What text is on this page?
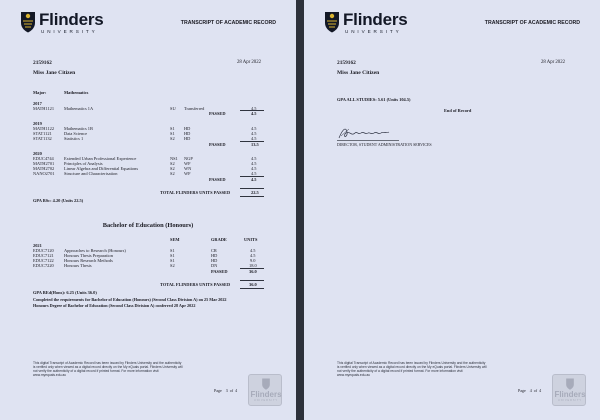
Flinders
UNIVERSITY
TRANSCRIPT OF ACADEMIC RECORD
2159162	28 Apr 2022
Miss Jane Citizen
Major:	Mathematics
2017
MATH1121 Mathematics 1A	SU Transferred	4.5
PASSED	4.5
2019
MATH1122 Mathematics 1B	S1 HD	4.5
STAT1121	Data Science	S1 HD	4.5
STAT1132	Statistics 1	S2 HD	4.5
PASSED	13.5
2020
EDUC4744 Extended Urban Professional Experience	NS1 NGP	4.5
MATH2701 Principles of Analysis	S2 WF	4.5
MATH2702 Linear Algebra and Differential Equations	S2 WN	4.5
NANO2701 Structure and Characterisation	S2 WF	4.5
PASSED	4.5
TOTAL FLINDERS UNITS PASSED	22.5
GPA BSc: 4.20 (Units 22.5)
Bachelor of Education (Honours)
SEM	GRADE	UNITS
2021
EDUC7120 Approaches to Research (Honours)	S1	CR	4.5
EDUC7121 Honours Thesis Preparation	S1	HD	4.5
EDUC7122 Honours Research Methods	S1	HD	9.0
EDUC7220 Honours Thesis	S2	DN	18.0
PASSED	36.0
TOTAL FLINDERS UNITS PASSED	36.0
GPA BEd(Hons): 6.25 (Units 36.0)
Completed the requirements for Bachelor of Education (Honours) (Second Class Division A) on 25 Mar 2022
Honours Degree of Bachelor of Education (Second Class Division A) conferred 28 Apr 2022
This digital Transcript of Academic Record has been issued by Flinders University and the authenticity is verified only when viewed as a digital record directly on the My eQuals portal. Flinders University will not verify the authenticity of a digital record if printed format. For more information visit www.myequals.edu.au
Page 3 of 4 Flinders
UNIVERSITY
Flinders
UNIVERSITY
TRANSCRIPT OF ACADEMIC RECORD
2159162	28 Apr 2022
Miss Jane Citizen
GPA ALL STUDIES: 5.61 (Units 104.5)
End of Record
DIRECTOR, STUDENT ADMINISTRATION SERVICES
This digital Transcript of Academic Record has been issued by Flinders University and the authenticity is verified only when viewed as a digital record directly on the My eQuals portal. Flinders University will not verify the authenticity of a digital record if printed format. For more information visit www.myequals.edu.au
Page 4 of 4 Flinders
UNIVERSITY
